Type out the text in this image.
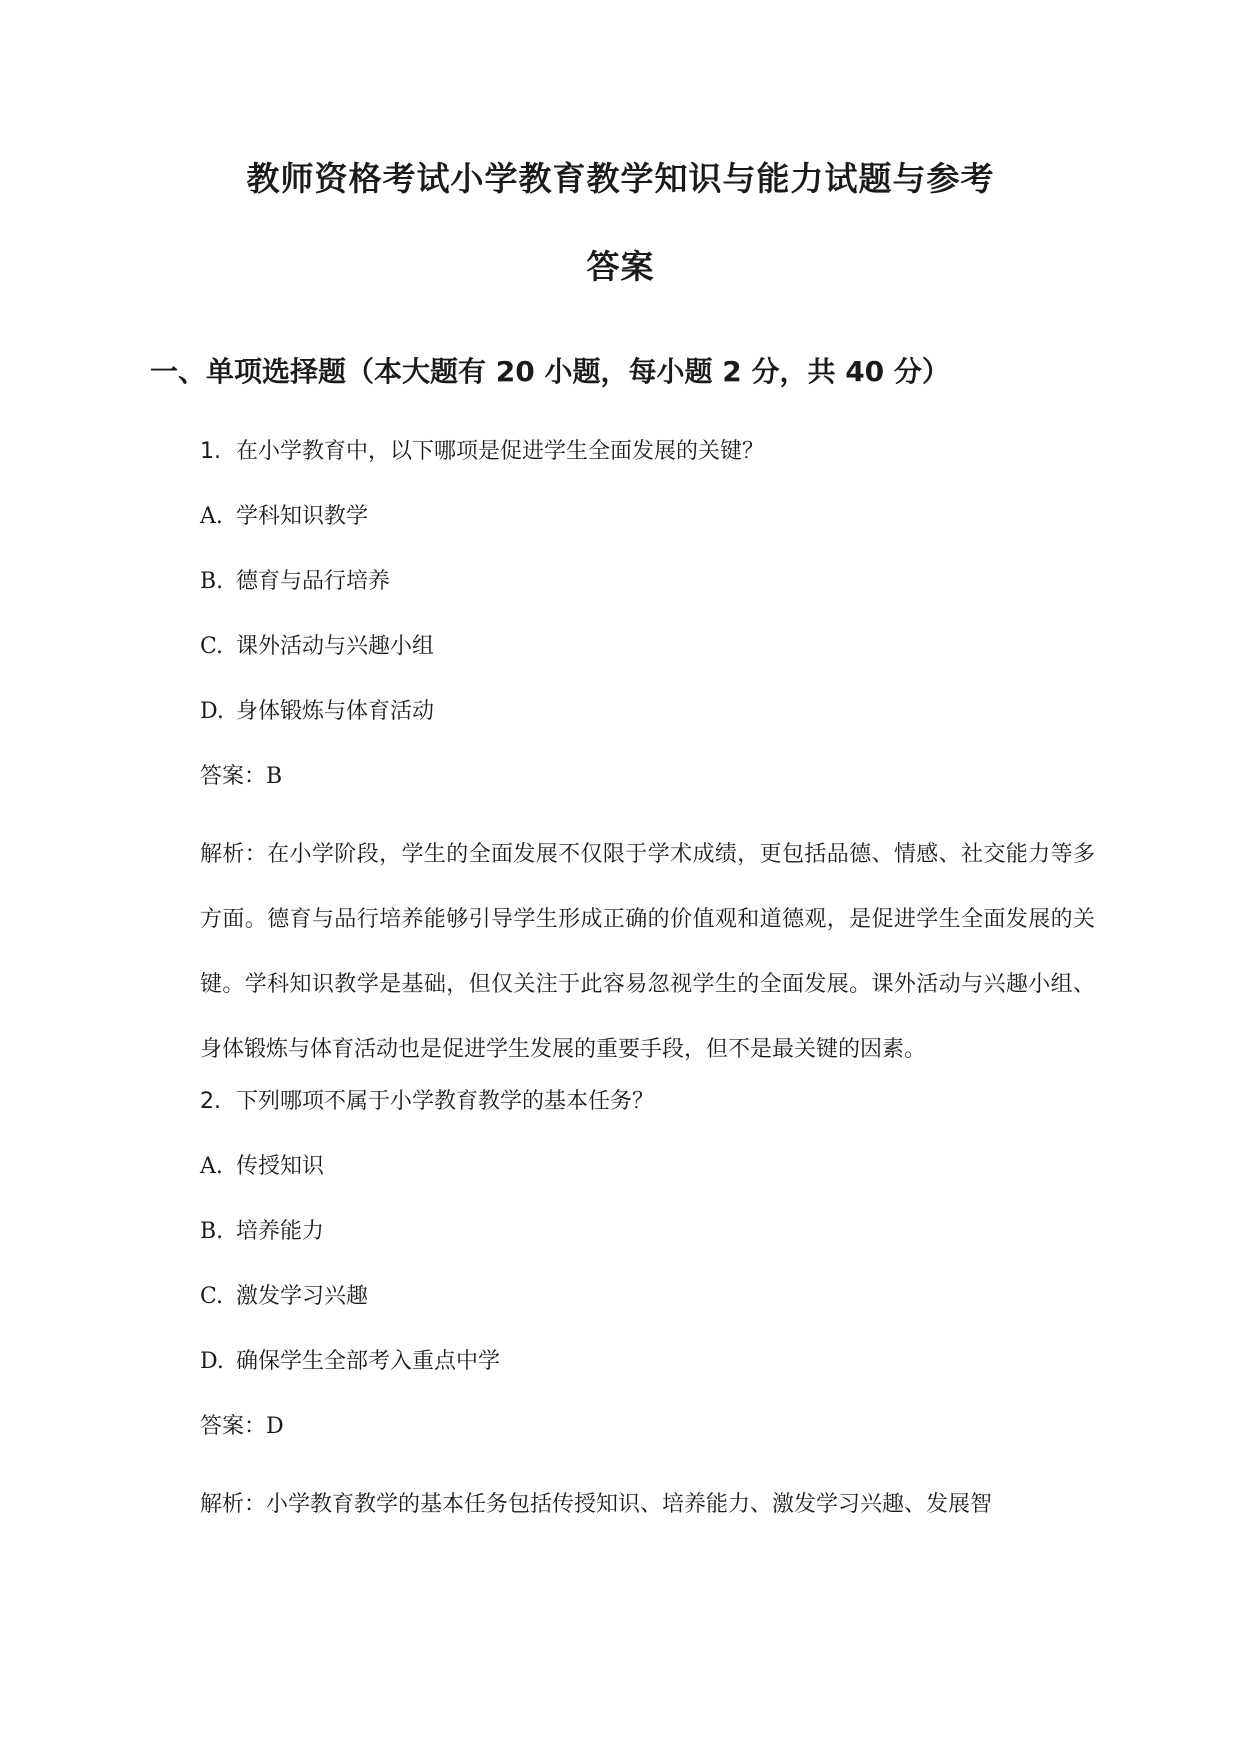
教师资格考试小学教育教学知识与能力试题与参考
答案
一、单项选择题（本大题有 20 小题，每小题 2 分，共 40 分）
1. 在小学教育中，以下哪项是促进学生全面发展的关键？
A. 学科知识教学
B. 德育与品行培养
C. 课外活动与兴趣小组
D. 身体锻炼与体育活动
答案：B
解析：在小学阶段，学生的全面发展不仅限于学术成绩，更包括品德、情感、社交能力等多方面。德育与品行培养能够引导学生形成正确的价值观和道德观，是促进学生全面发展的关键。学科知识教学是基础，但仅关注于此容易忽视学生的全面发展。课外活动与兴趣小组、身体锻炼与体育活动也是促进学生发展的重要手段，但不是最关键的因素。
2. 下列哪项不属于小学教育教学的基本任务？
A. 传授知识
B. 培养能力
C. 激发学习兴趣
D. 确保学生全部考入重点中学
答案：D
解析：小学教育教学的基本任务包括传授知识、培养能力、激发学习兴趣、发展智
